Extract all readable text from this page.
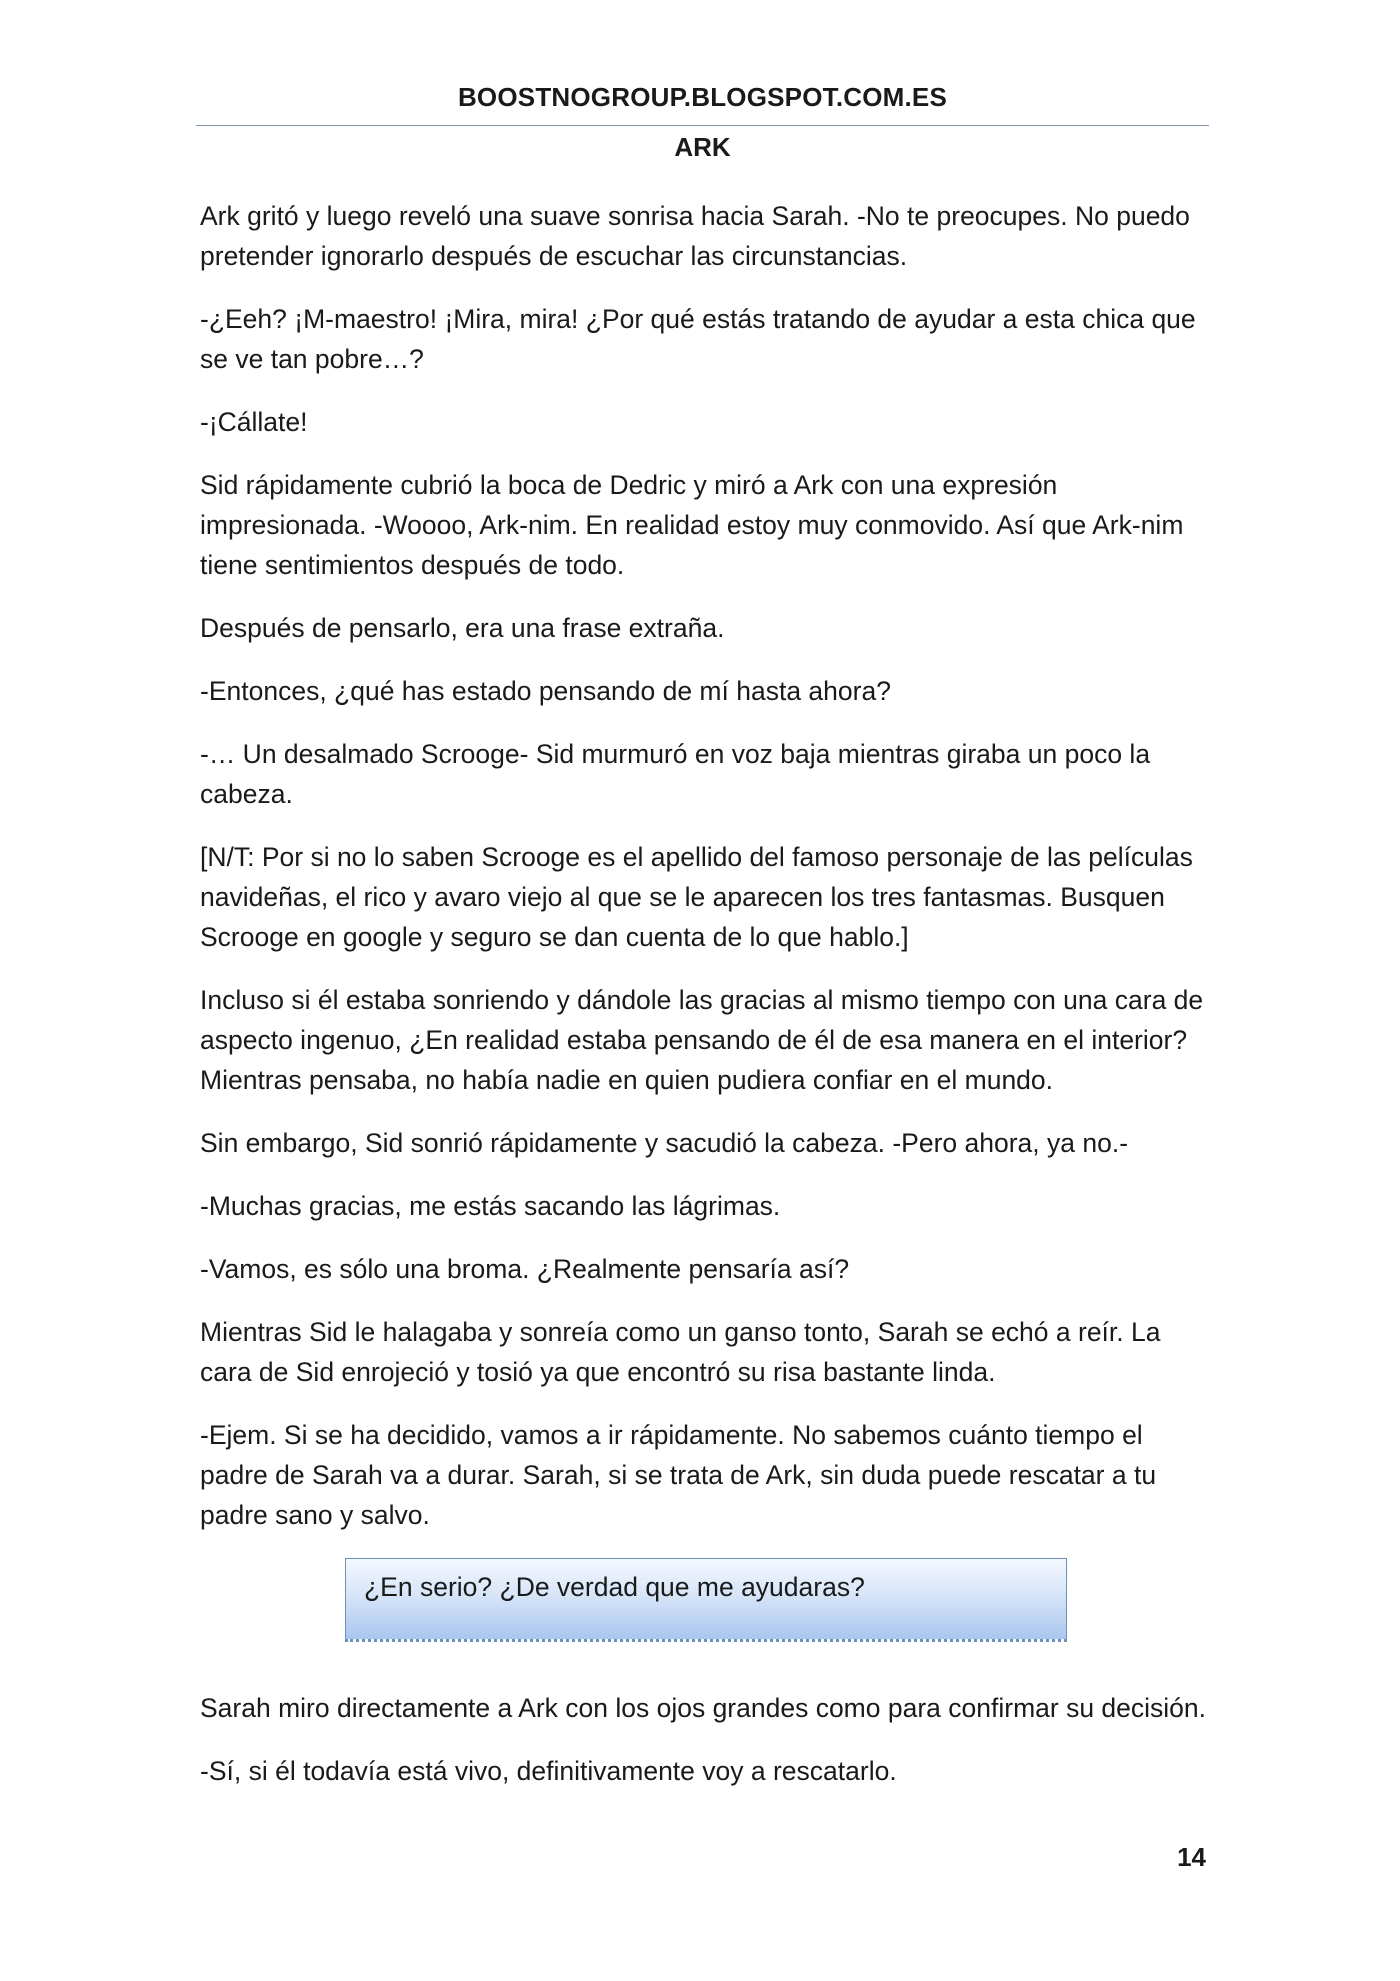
BOOSTNOGROUP.BLOGSPOT.COM.ES
ARK

Ark gritó y luego reveló una suave sonrisa hacia Sarah. -No te preocupes. No puedo pretender ignorarlo después de escuchar las circunstancias.

-¿Eeh? ¡M-maestro! ¡Mira, mira! ¿Por qué estás tratando de ayudar a esta chica que se ve tan pobre…?

-¡Cállate!

Sid rápidamente cubrió la boca de Dedric y miró a Ark con una expresión impresionada. -Woooo, Ark-nim. En realidad estoy muy conmovido. Así que Ark-nim tiene sentimientos después de todo.

Después de pensarlo, era una frase extraña.

-Entonces, ¿qué has estado pensando de mí hasta ahora?

-… Un desalmado Scrooge- Sid murmuró en voz baja mientras giraba un poco la cabeza.

[N/T: Por si no lo saben Scrooge es el apellido del famoso personaje de las películas navideñas, el rico y avaro viejo al que se le aparecen los tres fantasmas. Busquen Scrooge en google y seguro se dan cuenta de lo que hablo.]

Incluso si él estaba sonriendo y dándole las gracias al mismo tiempo con una cara de aspecto ingenuo, ¿En realidad estaba pensando de él de esa manera en el interior? Mientras pensaba, no había nadie en quien pudiera confiar en el mundo.

Sin embargo, Sid sonrió rápidamente y sacudió la cabeza. -Pero ahora, ya no.-

-Muchas gracias, me estás sacando las lágrimas.

-Vamos, es sólo una broma. ¿Realmente pensaría así?

Mientras Sid le halagaba y sonreía como un ganso tonto, Sarah se echó a reír. La cara de Sid enrojeció y tosió ya que encontró su risa bastante linda.

-Ejem. Si se ha decidido, vamos a ir rápidamente. No sabemos cuánto tiempo el padre de Sarah va a durar. Sarah, si se trata de Ark, sin duda puede rescatar a tu padre sano y salvo.

¿En serio? ¿De verdad que me ayudaras?

Sarah miro directamente a Ark con los ojos grandes como para confirmar su decisión.

-Sí, si él todavía está vivo, definitivamente voy a rescatarlo.

14
